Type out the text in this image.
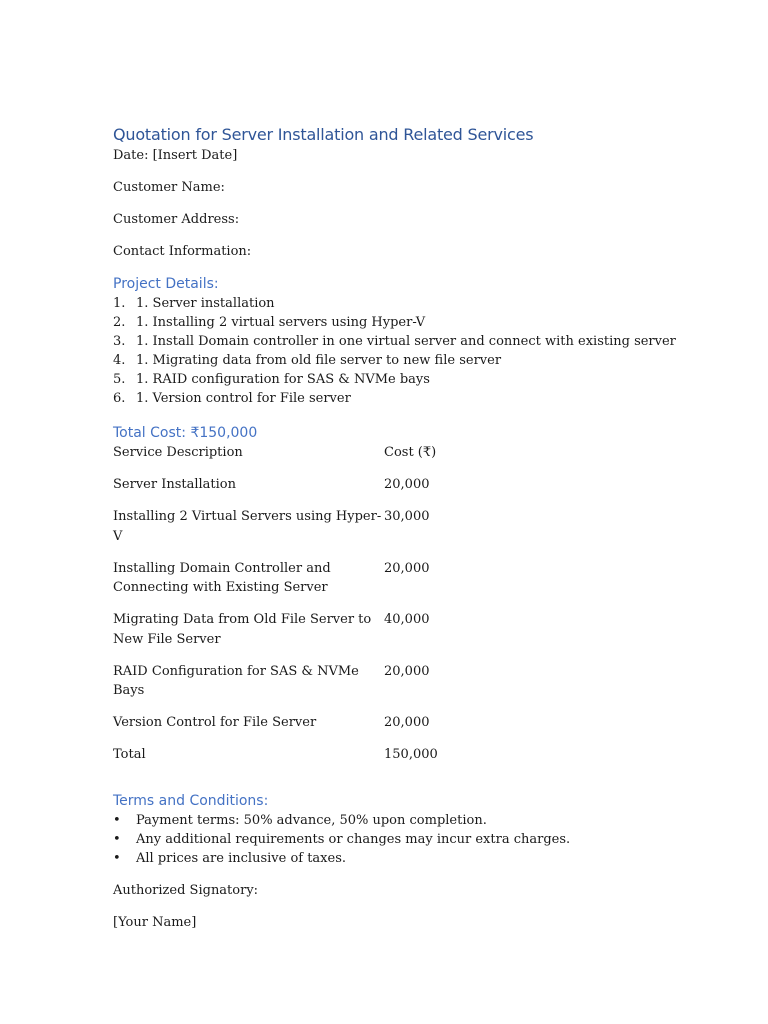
Quotation for Server Installation and Related Services

Date: [Insert Date]

Customer Name:

Customer Address:

Contact Information:

Project Details:
1. 1. Server installation
2. 1. Installing 2 virtual servers using Hyper-V
3. 1. Install Domain controller in one virtual server and connect with existing server
4. 1. Migrating data from old file server to new file server
5. 1. RAID configuration for SAS & NVMe bays
6. 1. Version control for File server
Total Cost: ₹150,000
Service Description	Cost (₹)
Server Installation	20,000
Installing 2 Virtual Servers using Hyper-V	30,000
Installing Domain Controller and Connecting with Existing Server	20,000
Migrating Data from Old File Server to New File Server	40,000
RAID Configuration for SAS & NVMe Bays	20,000
Version Control for File Server	20,000
Total	150,000
Terms and Conditions:
• Payment terms: 50% advance, 50% upon completion.
• Any additional requirements or changes may incur extra charges.
• All prices are inclusive of taxes.

Authorized Signatory:

[Your Name]
